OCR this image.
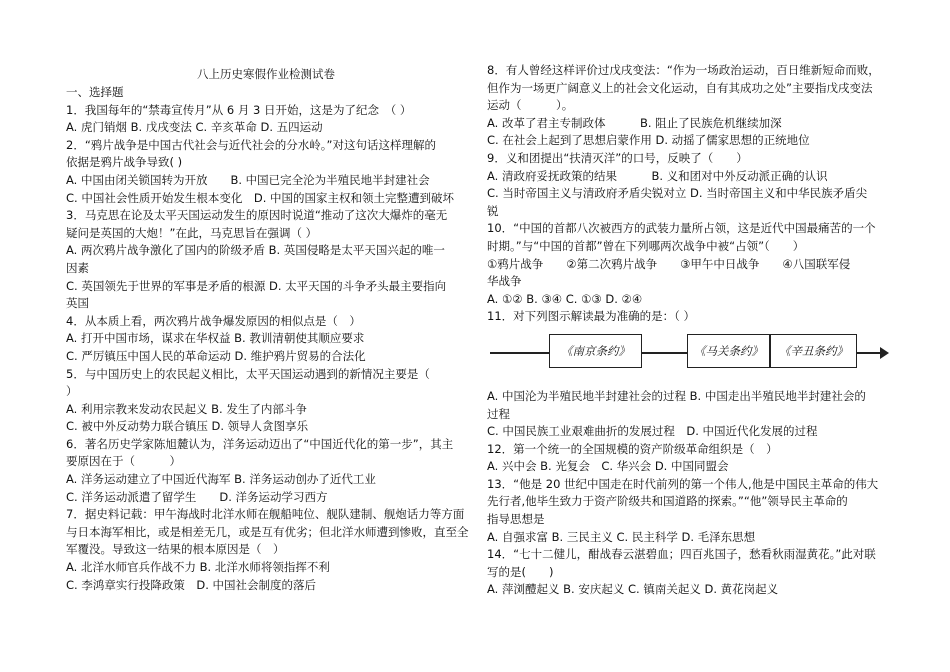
八上历史寒假作业检测试卷
一、选择题
1．我国每年的“禁毒宣传月”从 6 月 3 日开始，这是为了纪念　（ ）
A. 虎门销烟 B. 戊戌变法 C. 辛亥革命 D. 五四运动
2．“鸦片战争是中国古代社会与近代社会的分水岭。”对这句话这样理解的
依据是鸦片战争导致( )
A. 中国由闭关锁国转为开放　　B. 中国已完全沦为半殖民地半封建社会
C. 中国社会性质开始发生根本变化　D. 中国的国家主权和领土完整遭到破坏
3．马克思在论及太平天国运动发生的原因时说道“推动了这次大爆炸的毫无
疑问是英国的大炮！”在此，马克思旨在强调（ ）
A. 两次鸦片战争激化了国内的阶级矛盾 B. 英国侵略是太平天国兴起的唯一
因素
C. 英国领先于世界的军事是矛盾的根源 D. 太平天国的斗争矛头最主要指向
英国
4．从本质上看，两次鸦片战争爆发原因的相似点是（　）
A. 打开中国市场，谋求在华权益 B. 教训清朝使其顺应要求
C. 严厉镇压中国人民的革命运动 D. 维护鸦片贸易的合法化
5．与中国历史上的农民起义相比，太平天国运动遇到的新情况主要是（
）
A. 利用宗教来发动农民起义 B. 发生了内部斗争
C. 被中外反动势力联合镇压 D. 领导人贪图享乐
6．著名历史学家陈旭麓认为，洋务运动迈出了“中国近代化的第一步”，其主
要原因在于（　　　）
A. 洋务运动建立了中国近代海军 B. 洋务运动创办了近代工业
C. 洋务运动派遣了留学生　　D. 洋务运动学习西方
7．据史料记载：甲午海战时北洋水师在舰船吨位、舰队建制、舰炮话力等方面
与日本海军相比，或是相差无几，或是互有优劣；但北洋水师遭到惨败，直至全
军覆没。导致这一结果的根本原因是（　）
A. 北洋水师官兵作战不力 B. 北洋水师将领指挥不利
C. 李鸿章实行投降政策　D. 中国社会制度的落后
8．有人曾经这样评价过戊戌变法：“作为一场政治运动，百日维新短命而败，
但作为一场更广阔意义上的社会文化运动，自有其成功之处”主要指戊戌变法
运动（　　　）。
A. 改革了君主专制政体　　　B. 阻止了民族危机继续加深
C. 在社会上起到了思想启蒙作用 D. 动摇了儒家思想的正统地位
9．义和团提出“扶清灭洋”的口号，反映了（　　）
A. 清政府妥抚政策的结果　　　B. 义和团对中外反动派正确的认识
C. 当时帝国主义与清政府矛盾尖锐对立 D. 当时帝国主义和中华民族矛盾尖
锐
10．“中国的首都八次被西方的武装力量所占领，这是近代中国最痛苦的一个
时期。”与“中国的首都”曾在下列哪两次战争中被“占领”（　　）
①鸦片战争　　②第二次鸦片战争　　③甲午中日战争　　④八国联军侵
华战争
A. ①② B. ③④ C. ①③ D. ②④
11．对下列图示解读最为准确的是：（ ）
《南京条约》	《马关条约》	《辛丑条约》
A. 中国沦为半殖民地半封建社会的过程 B. 中国走出半殖民地半封建社会的
过程
C. 中国民族工业艰难曲折的发展过程　D. 中国近代化发展的过程
12．第一个统一的全国规模的资产阶级革命组织是（　）
A. 兴中会 B. 光复会　C. 华兴会 D. 中国同盟会
13．“他是 20 世纪中国走在时代前列的第一个伟人,他是中国民主革命的伟大
先行者,他毕生致力于资产阶级共和国道路的探索。”“他”领导民主革命的
指导思想是
A. 自强求富 B. 三民主义 C. 民主科学 D. 毛泽东思想
14．“七十二健儿，酣战春云湛碧血；四百兆国子，愁看秋雨湿黄花。”此对联
写的是(　　)
A. 萍浏醴起义 B. 安庆起义 C. 镇南关起义 D. 黄花岗起义
